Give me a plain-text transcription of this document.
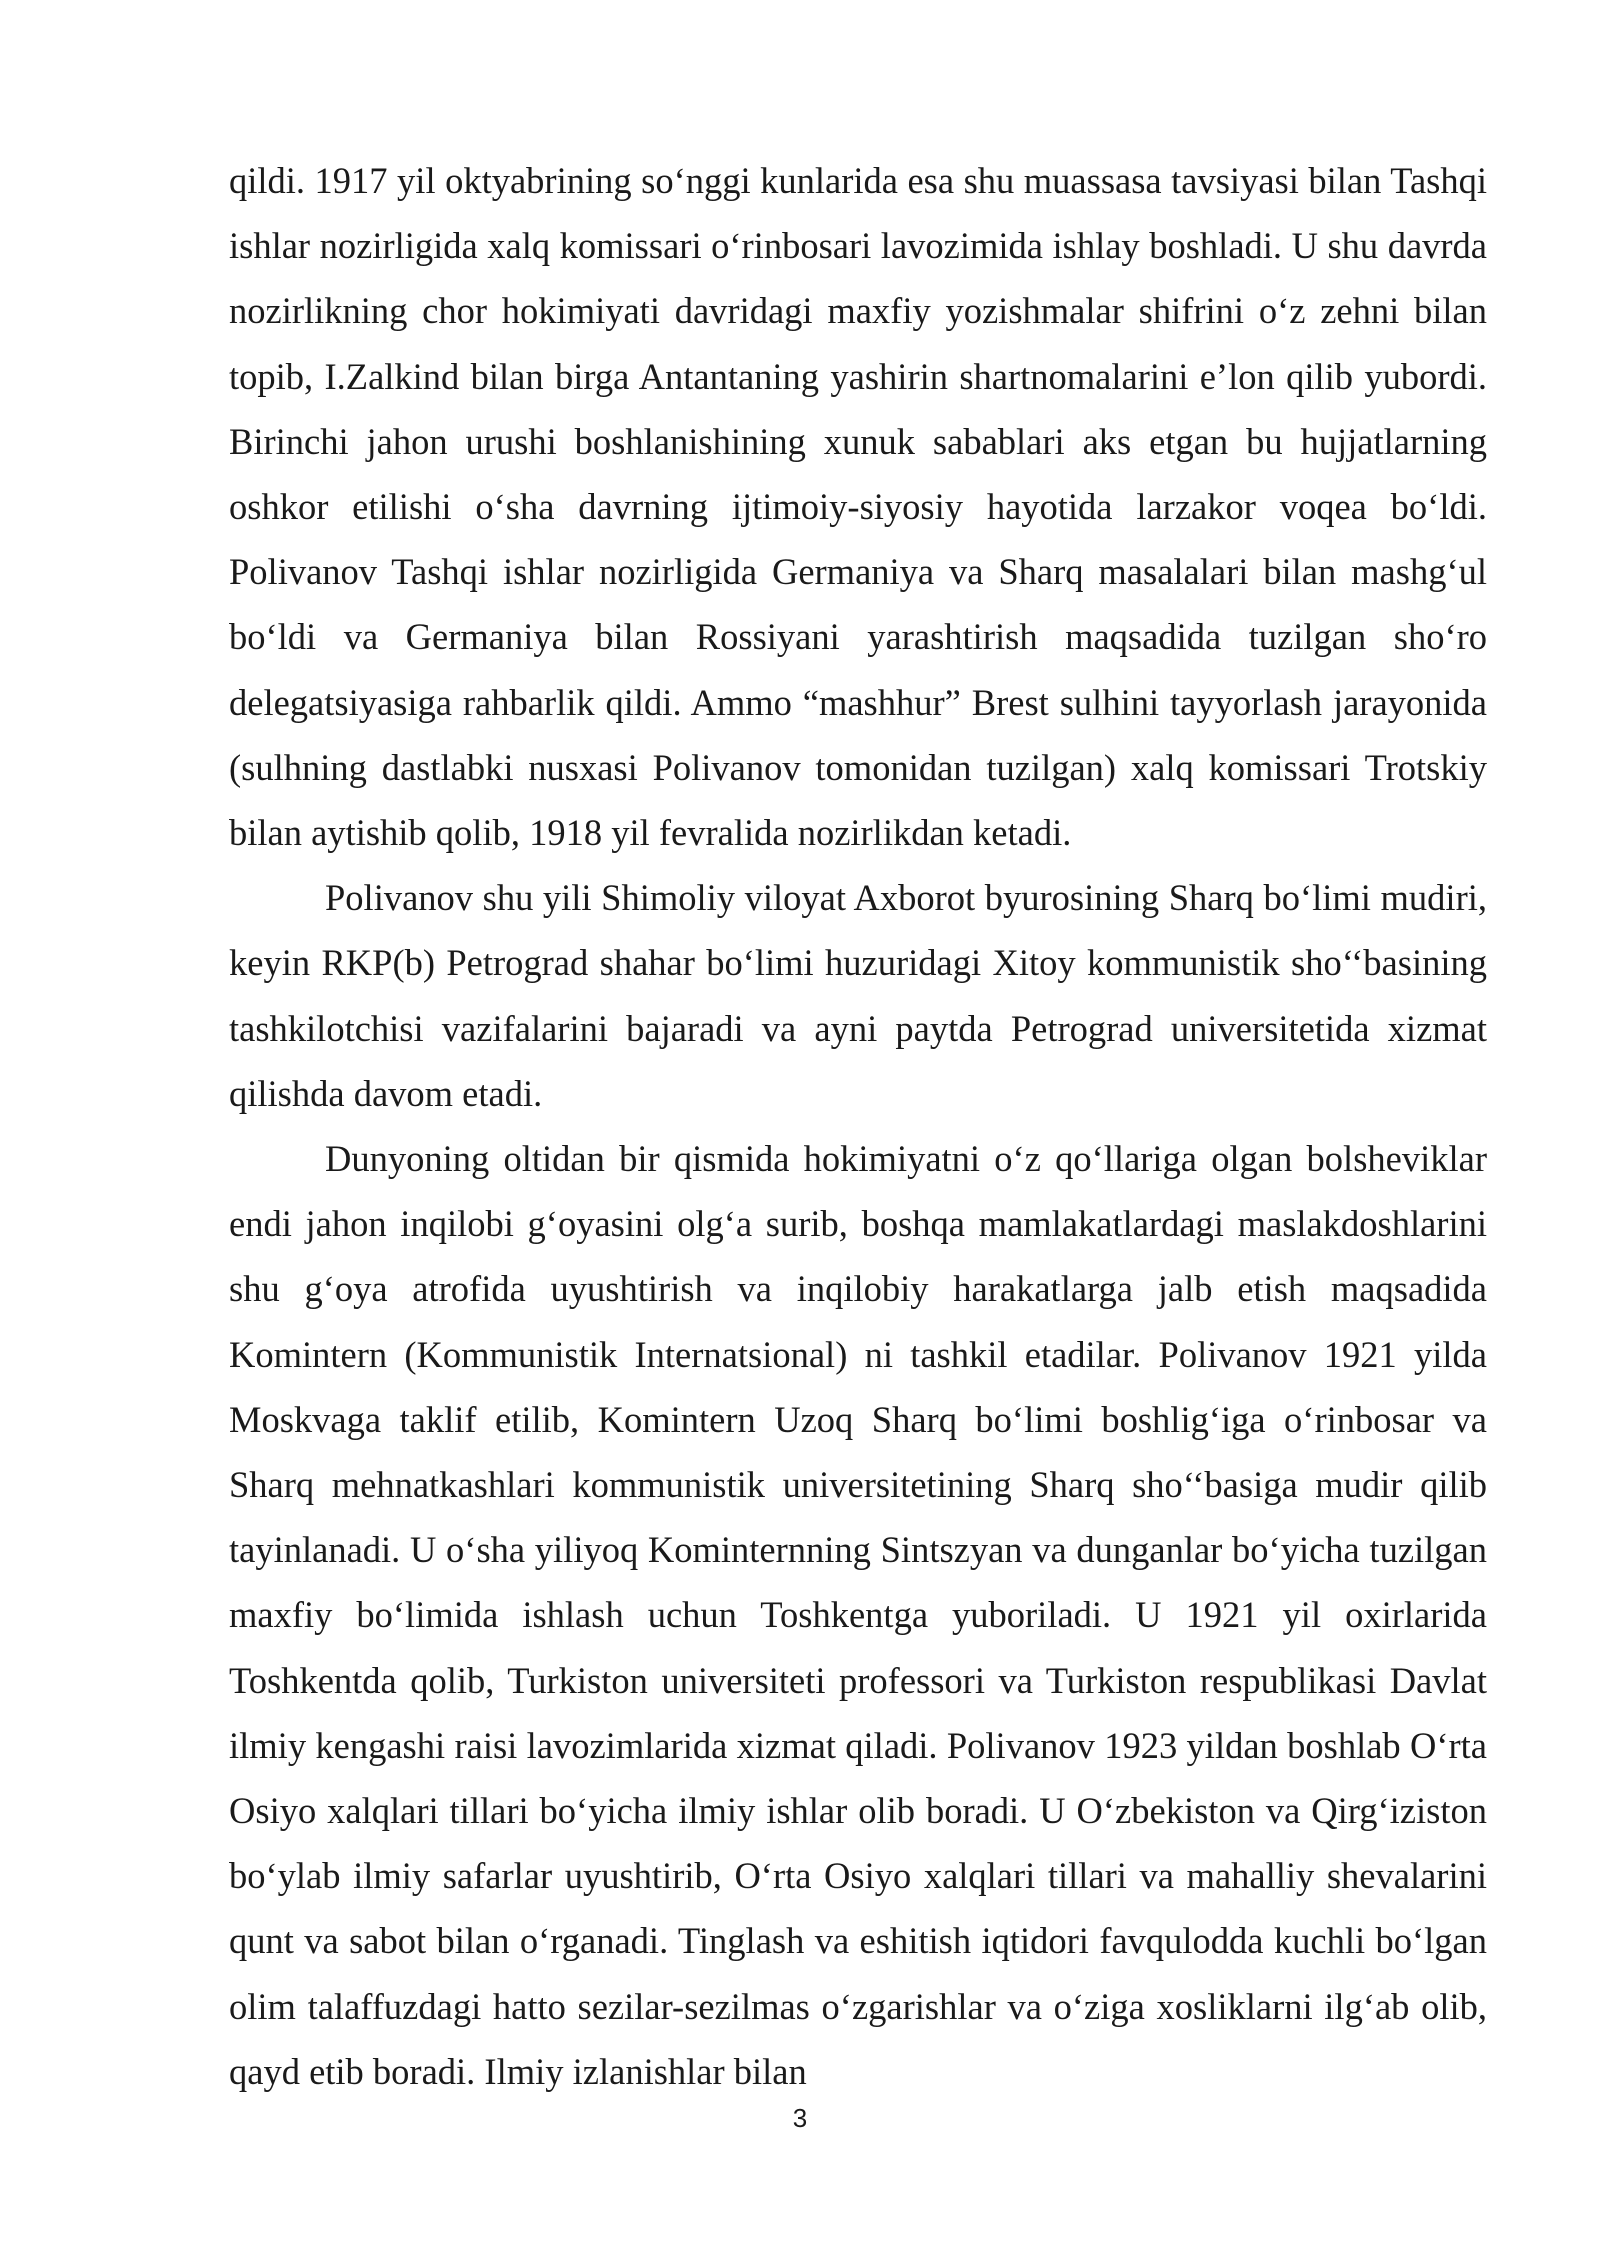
qildi. 1917 yil oktyabrining so‘nggi kunlarida esa shu muassasa tavsiyasi bilan Tashqi ishlar nozirligida xalq komissari o‘rinbosari lavozimida ishlay boshladi. U shu davrda nozirlikning chor hokimiyati davridagi maxfiy yozishmalar shifrini o‘z zehni bilan topib, I.Zalkind bilan birga Antantaning yashirin shartnomalarini e’lon qilib yubordi. Birinchi jahon urushi boshlanishining xunuk sabablari aks etgan bu hujjatlarning oshkor etilishi o‘sha davrning ijtimoiy-siyosiy hayotida larzakor voqea bo‘ldi. Polivanov Tashqi ishlar nozirligida Germaniya va Sharq masalalari bilan mashg‘ul bo‘ldi va Germaniya bilan Rossiyani yarashtirish maqsadida tuzilgan sho‘ro delegatsiyasiga rahbarlik qildi. Ammo “mashhur” Brest sulhini tayyorlash jarayonida (sulhning dastlabki nusxasi Polivanov tomonidan tuzilgan) xalq komissari Trotskiy bilan aytishib qolib, 1918 yil fevralida nozirlikdan ketadi.

Polivanov shu yili Shimoliy viloyat Axborot byurosining Sharq bo‘limi mudiri, keyin RKP(b) Petrograd shahar bo‘limi huzuridagi Xitoy kommunistik sho‘‘basining tashkilotchisi vazifalarini bajaradi va ayni paytda Petrograd universitetida xizmat qilishda davom etadi.

Dunyoning oltidan bir qismida hokimiyatni o‘z qo‘llariga olgan bolsheviklar endi jahon inqilobi g‘oyasini olg‘a surib, boshqa mamlakatlardagi maslakdoshlarini shu g‘oya atrofida uyushtirish va inqilobiy harakatlarga jalb etish maqsadida Komintern (Kommunistik Internatsional) ni tashkil etadilar. Polivanov 1921 yilda Moskvaga taklif etilib, Komintern Uzoq Sharq bo‘limi boshlig‘iga o‘rinbosar va Sharq mehnatkashlari kommunistik universitetining Sharq sho‘‘basiga mudir qilib tayinlanadi. U o‘sha yiliyoq Kominternning Sintszyan va dunganlar bo‘yicha tuzilgan maxfiy bo‘limida ishlash uchun Toshkentga yuboriladi. U 1921 yil oxirlarida Toshkentda qolib, Turkiston universiteti professori va Turkiston respublikasi Davlat ilmiy kengashi raisi lavozimlarida xizmat qiladi. Polivanov 1923 yildan boshlab O‘rta Osiyo xalqlari tillari bo‘yicha ilmiy ishlar olib boradi. U O‘zbekiston va Qirg‘iziston bo‘ylab ilmiy safarlar uyushtirib, O‘rta Osiyo xalqlari tillari va mahalliy shevalarini qunt va sabot bilan o‘rganadi. Tinglash va eshitish iqtidori favqulodda kuchli bo‘lgan olim talaffuzdagi hatto sezilar-sezilmas o‘zgarishlar va o‘ziga xosliklarni ilg‘ab olib, qayd etib boradi. Ilmiy izlanishlar bilan

3
